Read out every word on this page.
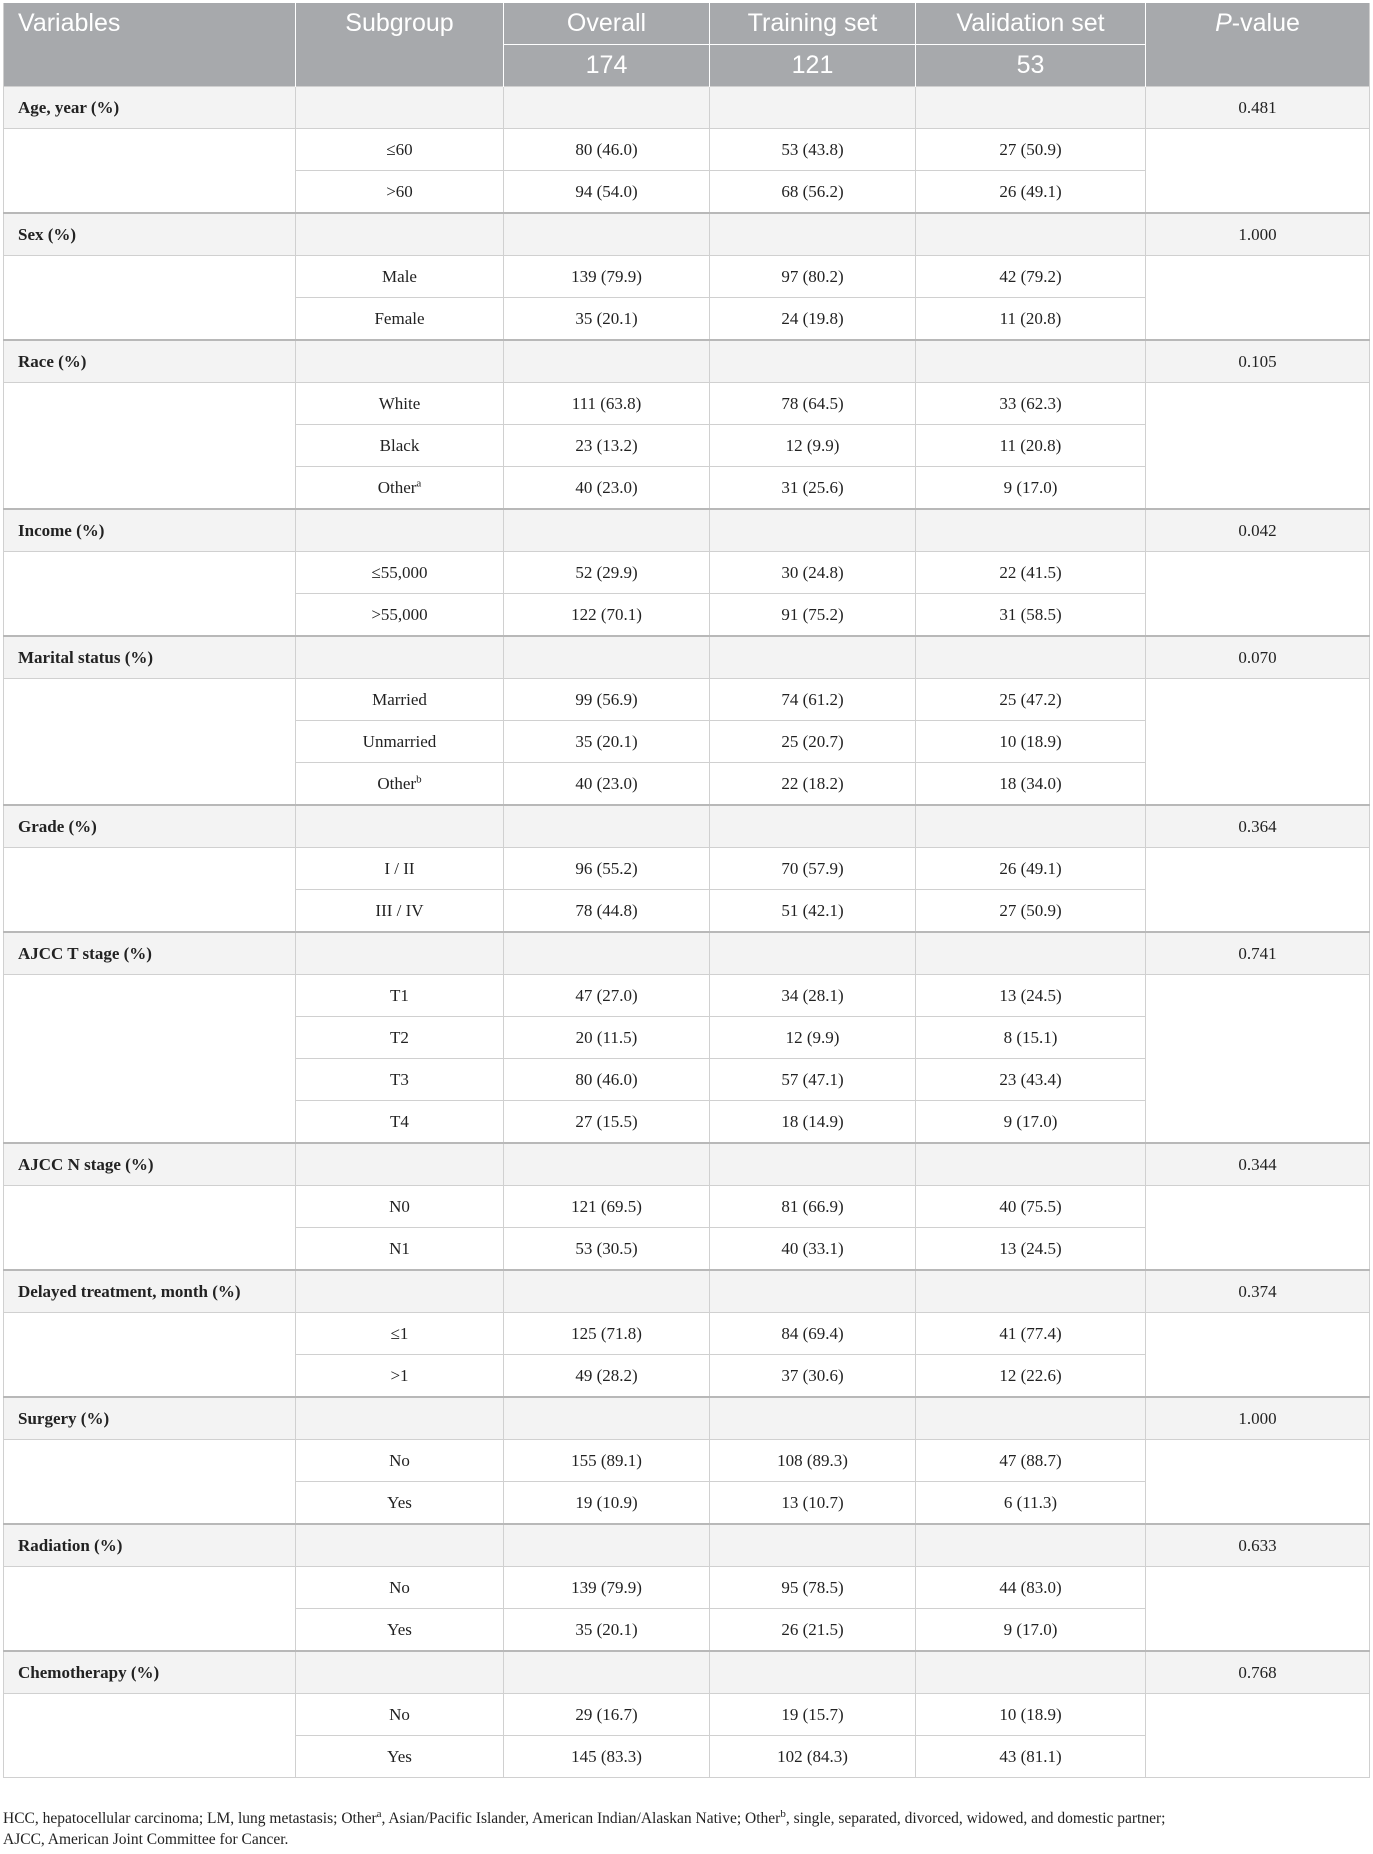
Variables	Subgroup	Overall	Training set	Validation set	P-value
		174	121	53	
Age, year (%)					0.481
	≤60	80 (46.0)	53 (43.8)	27 (50.9)	
	>60	94 (54.0)	68 (56.2)	26 (49.1)	
Sex (%)					1.000
	Male	139 (79.9)	97 (80.2)	42 (79.2)	
	Female	35 (20.1)	24 (19.8)	11 (20.8)	
Race (%)					0.105
	White	111 (63.8)	78 (64.5)	33 (62.3)	
	Black	23 (13.2)	12 (9.9)	11 (20.8)	
	Other$^a$	40 (23.0)	31 (25.6)	9 (17.0)	
Income (%)					0.042
	≤55,000	52 (29.9)	30 (24.8)	22 (41.5)	
	>55,000	122 (70.1)	91 (75.2)	31 (58.5)	
Marital status (%)					0.070
	Married	99 (56.9)	74 (61.2)	25 (47.2)	
	Unmarried	35 (20.1)	25 (20.7)	10 (18.9)	
	Other$^b$	40 (23.0)	22 (18.2)	18 (34.0)	
Grade (%)					0.364
	I / II	96 (55.2)	70 (57.9)	26 (49.1)	
	III / IV	78 (44.8)	51 (42.1)	27 (50.9)	
AJCC T stage (%)					0.741
	T1	47 (27.0)	34 (28.1)	13 (24.5)	
	T2	20 (11.5)	12 (9.9)	8 (15.1)	
	T3	80 (46.0)	57 (47.1)	23 (43.4)	
	T4	27 (15.5)	18 (14.9)	9 (17.0)	
AJCC N stage (%)					0.344
	N0	121 (69.5)	81 (66.9)	40 (75.5)	
	N1	53 (30.5)	40 (33.1)	13 (24.5)	
Delayed treatment, month (%)					0.374
	≤1	125 (71.8)	84 (69.4)	41 (77.4)	
	>1	49 (28.2)	37 (30.6)	12 (22.6)	
Surgery (%)					1.000
	No	155 (89.1)	108 (89.3)	47 (88.7)	
	Yes	19 (10.9)	13 (10.7)	6 (11.3)	
Radiation (%)					0.633
	No	139 (79.9)	95 (78.5)	44 (83.0)	
	Yes	35 (20.1)	26 (21.5)	9 (17.0)	
Chemotherapy (%)					0.768
	No	29 (16.7)	19 (15.7)	10 (18.9)	
	Yes	145 (83.3)	102 (84.3)	43 (81.1)	
HCC, hepatocellular carcinoma; LM, lung metastasis; Other$^a$, Asian/Pacific Islander, American Indian/Alaskan Native; Other$^b$, single, separated, divorced, widowed, and domestic partner;
AJCC, American Joint Committee for Cancer.
